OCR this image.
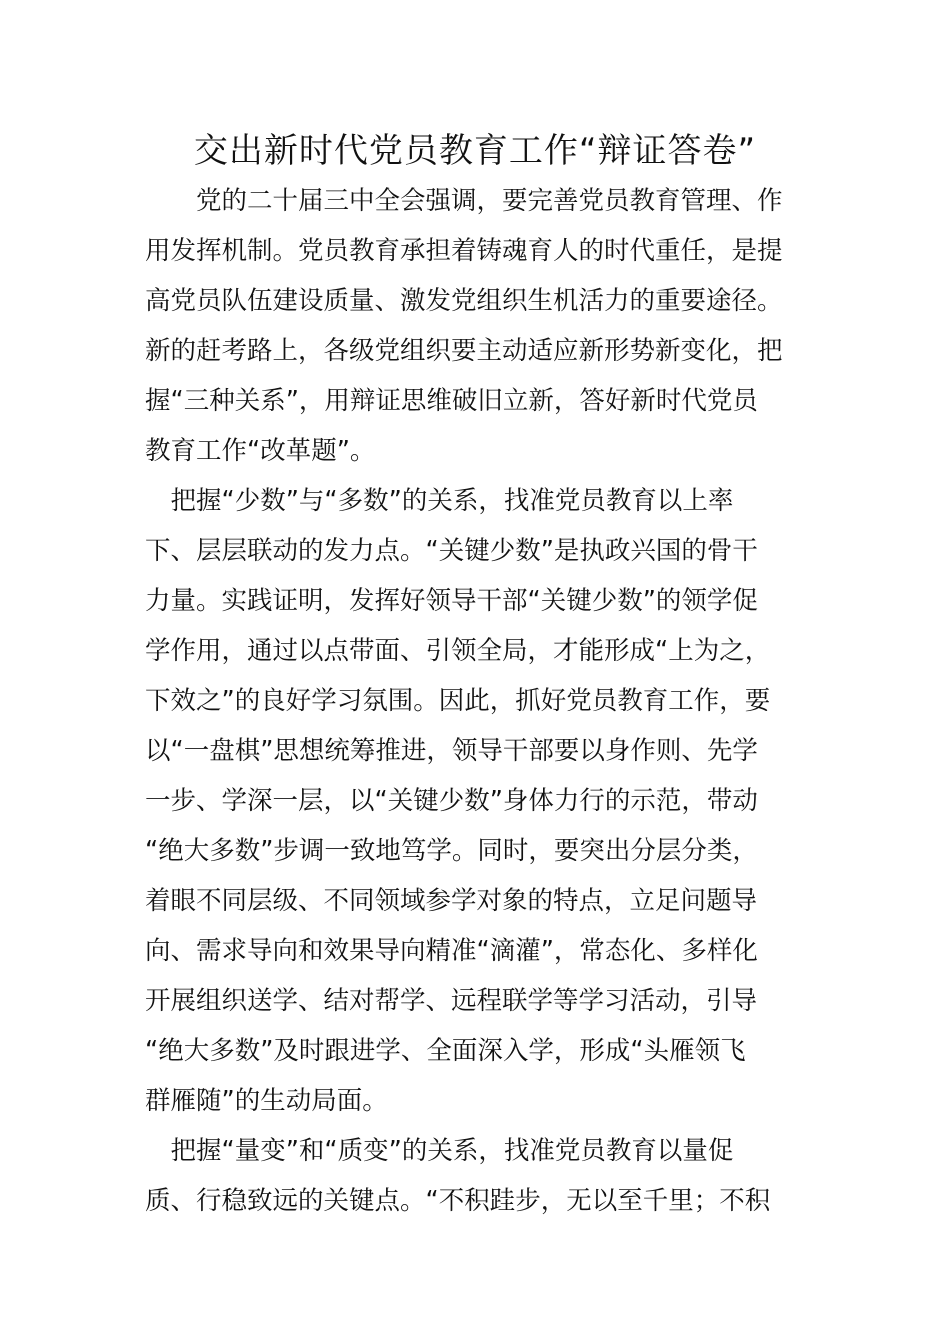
交出新时代党员教育工作“辩证答卷”
　　党的二十届三中全会强调，要完善党员教育管理、作
用发挥机制。党员教育承担着铸魂育人的时代重任，是提
高党员队伍建设质量、激发党组织生机活力的重要途径。
新的赶考路上，各级党组织要主动适应新形势新变化，把
握“三种关系”，用辩证思维破旧立新，答好新时代党员
教育工作“改革题”。
　把握“少数”与“多数”的关系，找准党员教育以上率
下、层层联动的发力点。“关键少数”是执政兴国的骨干
力量。实践证明，发挥好领导干部“关键少数”的领学促
学作用，通过以点带面、引领全局，才能形成“上为之，
下效之”的良好学习氛围。因此，抓好党员教育工作，要
以“一盘棋”思想统筹推进，领导干部要以身作则、先学
一步、学深一层，以“关键少数”身体力行的示范，带动
“绝大多数”步调一致地笃学。同时，要突出分层分类，
着眼不同层级、不同领域参学对象的特点，立足问题导
向、需求导向和效果导向精准“滴灌”，常态化、多样化
开展组织送学、结对帮学、远程联学等学习活动，引导
“绝大多数”及时跟进学、全面深入学，形成“头雁领飞
群雁随”的生动局面。
　把握“量变”和“质变”的关系，找准党员教育以量促
质、行稳致远的关键点。“不积跬步，无以至千里；不积
